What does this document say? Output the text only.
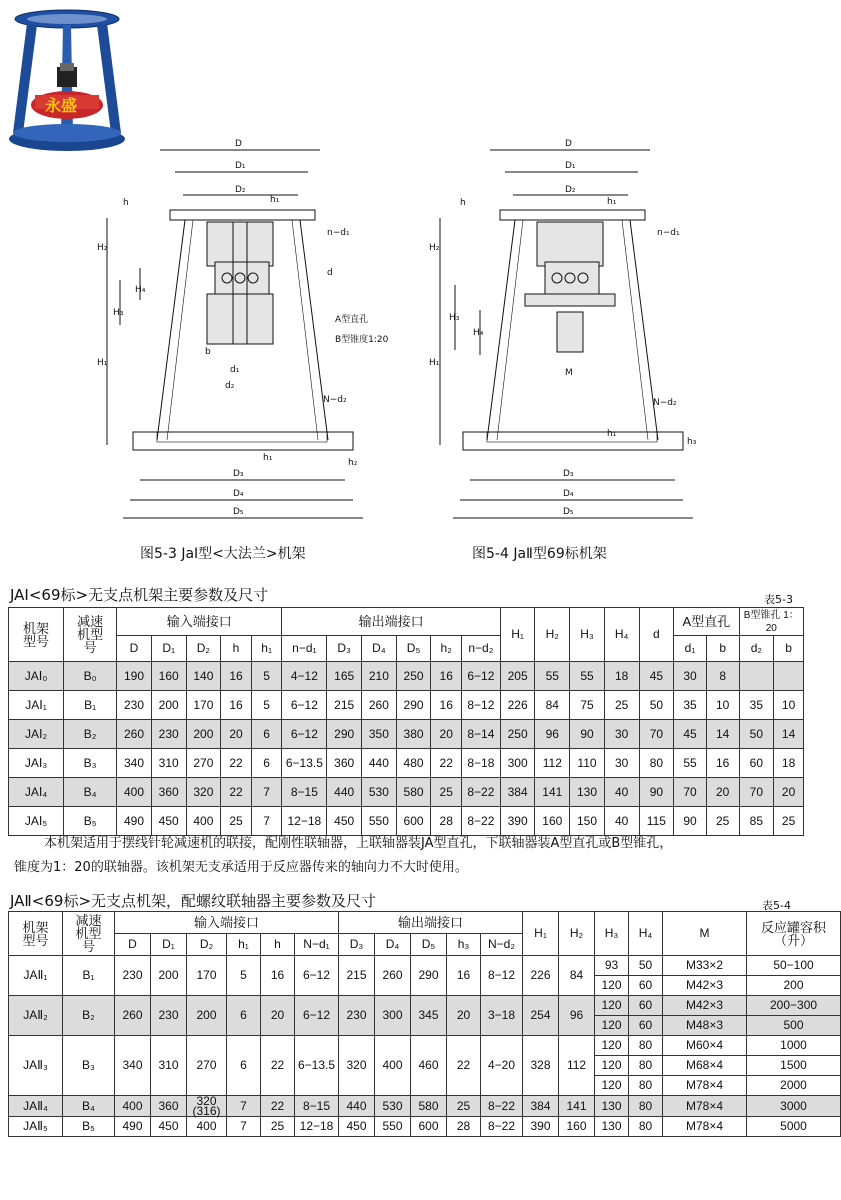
永盛
D
D₁
D₂
h	h₁
n−d₁
H₂
d
H₄
H₃
A型直孔
B型锥度1:20
b
d₁
d₂
H₁
N−d₂
h₁	h₂
D₃
D₄
D₅
图5-3 JaⅠ型<大法兰>机架
D
D₁
D₂
h	h₁
n−d₁
H₂
H₃
H₄
M
H₁
N−d₂
h₁
h₃
D₃
D₄
D₅
图5-4 JaⅡ型69标机架
JAⅠ<69标>无支点机架主要参数及尺寸	表5-3
机架型号	减速机型号	输入端接口					输出端接口						H₁	H₂	H₃	H₄	d	A型直孔		B型锥孔 1：20	
		D	D₁	D₂	h	h₁	n−d₁	D₃	D₄	D₅	h₂	n−d₂						d₁	b	d₂	b
JAⅠ₀	B₀	190	160	140	16	5	4−12	165	210	250	16	6−12	205	55	55	18	45	30	8		
JAⅠ₁	B₁	230	200	170	16	5	6−12	215	260	290	16	8−12	226	84	75	25	50	35	10	35	10
JAⅠ₂	B₂	260	230	200	20	6	6−12	290	350	380	20	8−14	250	96	90	30	70	45	14	50	14
JAⅠ₃	B₃	340	310	270	22	6	6−13.5	360	440	480	22	8−18	300	112	110	30	80	55	16	60	18
JAⅠ₄	B₄	400	360	320	22	7	8−15	440	530	580	25	8−22	384	141	130	40	90	70	20	70	20
JAⅠ₅	B₅	490	450	400	25	7	12−18	450	550	600	28	8−22	390	160	150	40	115	90	25	85	25
本机架适用于摆线针轮减速机的联接，配刚性联轴器，上联轴器装JA型直孔，下联轴器装A型直孔或B型锥孔，
锥度为1：20的联轴器。该机架无支承适用于反应器传来的轴向力不大时使用。
JAⅡ<69标>无支点机架，配螺纹联轴器主要参数及尺寸	表5-4
机架型号	减速机型号	输入端接口						输出端接口					H₁	H₂	H₃	H₄	M	反应罐容积（升）
		D	D₁	D₂	h₁	h	N−d₁	D₃	D₄	D₅	h₃	N−d₂						
JAⅡ₁	B₁	230	200	170	5	16	6−12	215	260	290	16	8−12	226	84	93	50	M33×2	50−100
															120	60	M42×3	200
JAⅡ₂	B₂	260	230	200	6	20	6−12	230	300	345	20	3−18	254	96	120	60	M42×3	200−300
															120	60	M48×3	500
JAⅡ₃	B₃	340	310	270	6	22	6−13.5	320	400	460	22	4−20	328	112	120	80	M60×4	1000
															120	80	M68×4	1500
															120	80	M78×4	2000
JAⅡ₄	B₄	400	360	320
(316)	7	22	8−15	440	530	580	25	8−22	384	141	130	80	M78×4	3000
JAⅡ₅	B₅	490	450	400	7	25	12−18	450	550	600	28	8−22	390	160	130	80	M78×4	5000
